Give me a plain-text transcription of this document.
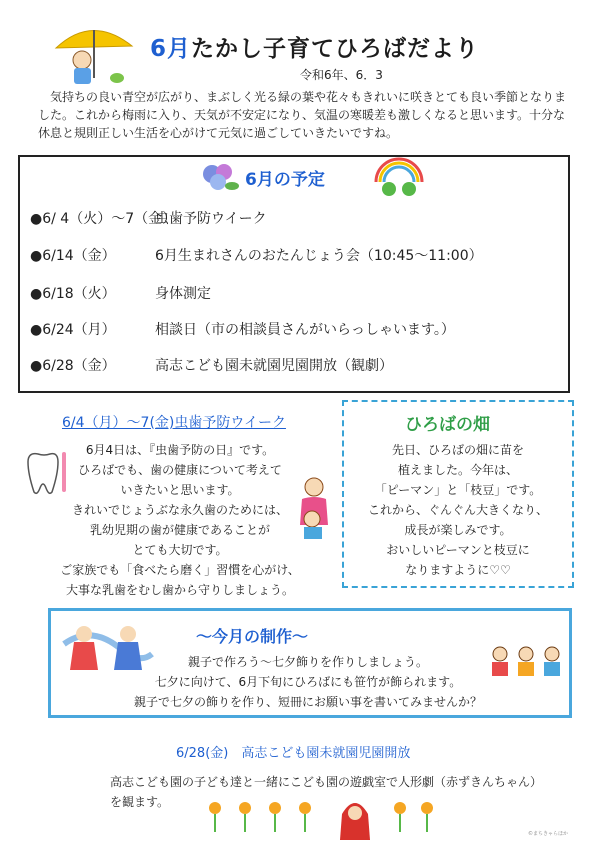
6月たかし子育てひろばだより
令和6年、6．3
気持ちの良い青空が広がり、まぶしく光る緑の葉や花々もきれいに咲きとても良い季節となりました。これから梅雨に入り、天気が不安定になり、気温の寒暖差も激しくなると思います。十分な休息と規則正しい生活を心がけて元気に過ごしていきたいですね。
6月の予定
●6/ 4（火）～7（金）虫歯予防ウイーク
●6/14（金）	6月生まれさんのおたんじょう会（10:45～11:00）
●6/18（火）	身体測定
●6/24（月）	相談日（市の相談員さんがいらっしゃいます。）
●6/28（金）	高志こども園未就園児園開放（観劇）
6/4（月）～7(金)虫歯予防ウイーク
6月4日は、『虫歯予防の日』です。
ひろばでも、歯の健康について考えて
いきたいと思います。
きれいでじょうぶな永久歯のためには、
乳幼児期の歯が健康であることが
とても大切です。
ご家族でも「食べたら磨く」習慣を心がけ、
大事な乳歯をむし歯から守りしましょう。
ひろばの畑
先日、ひろばの畑に苗を
植えました。今年は、
「ピーマン」と「枝豆」です。
これから、ぐんぐん大きくなり、
成長が楽しみです。
おいしいピーマンと枝豆に
なりますように♡♡
～今月の制作～
親子で作ろう～七夕飾りを作りしましょう。
七夕に向けて、6月下旬にひろばにも笹竹が飾られます。
親子で七夕の飾りを作り、短冊にお願い事を書いてみませんか？
6/28(金)　高志こども園未就園児園開放
高志こども園の子ども達と一緒にこども園の遊戯室で人形劇（赤ずきんちゃん）を観ます。
©まちきゃらほか
